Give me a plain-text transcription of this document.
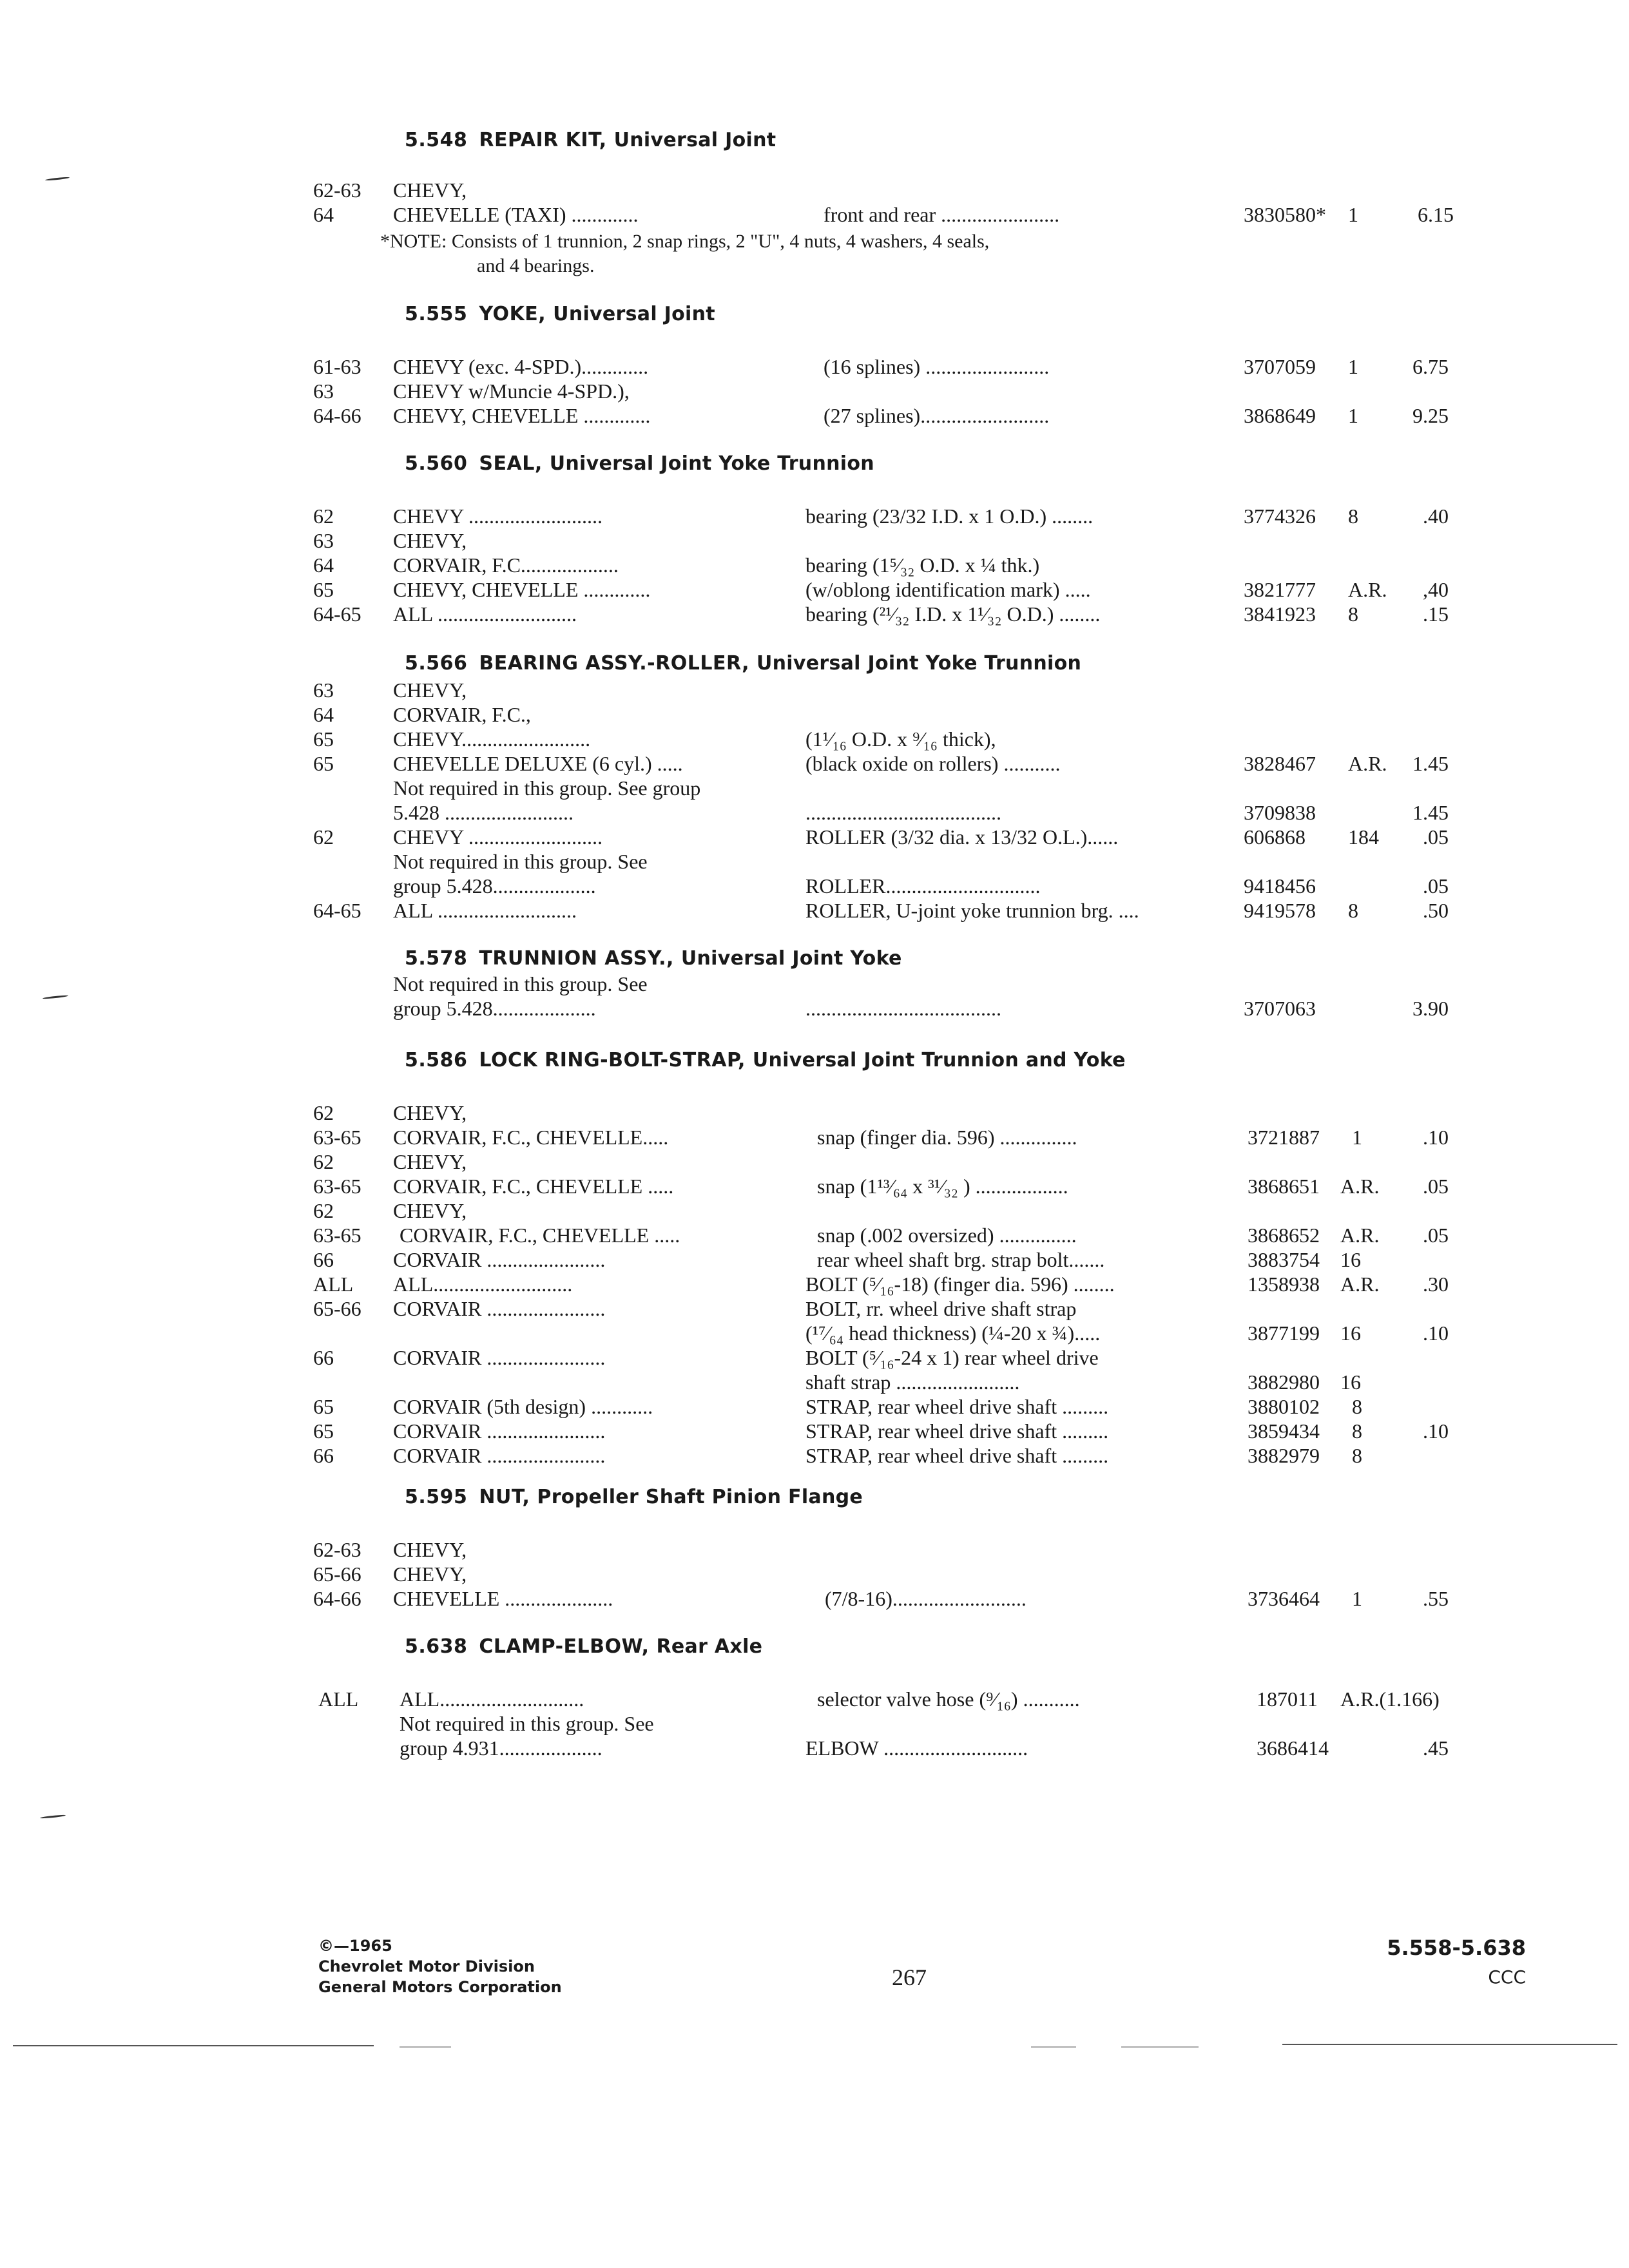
5.548 REPAIR KIT, Universal Joint
62-63 CHEVY,
64	CHEVELLE (TAXI) .............	front and rear .......................	3830580* 1	6.15
*NOTE: Consists of 1 trunnion, 2 snap rings, 2 "U", 4 nuts, 4 washers, 4 seals,
and 4 bearings.
5.555 YOKE, Universal Joint
61-63 CHEVY (exc. 4-SPD.).............	(16 splines) ........................	3707059 1	6.75
63	CHEVY w/Muncie 4-SPD.),
64-66 CHEVY, CHEVELLE .............	(27 splines).........................	3868649 1	9.25
5.560 SEAL, Universal Joint Yoke Trunnion
62	CHEVY ..........................	bearing (23/32 I.D. x 1 O.D.) ........	3774326 8	.40
63	CHEVY,
64	CORVAIR, F.C...................	bearing (1⁵⁄₃₂ O.D. x ¼ thk.)
65	CHEVY, CHEVELLE .............	(w/oblong identification mark) .....	3821777 A.R. ,40
64-65 ALL ...........................	bearing (²¹⁄₃₂ I.D. x 1¹⁄₃₂ O.D.) ........	3841923 8	.15
5.566 BEARING ASSY.-ROLLER, Universal Joint Yoke Trunnion
63	CHEVY,
64	CORVAIR, F.C.,
65	CHEVY.........................	(1¹⁄₁₆ O.D. x ⁹⁄₁₆ thick),
65	CHEVELLE DELUXE (6 cyl.) .....	(black oxide on rollers) ...........	3828467 A.R. 1.45
Not required in this group. See group
5.428 .........................	......................................	3709838	1.45
62	CHEVY ..........................	ROLLER (3/32 dia. x 13/32 O.L.)......	606868 184 .05
Not required in this group. See
group 5.428....................	ROLLER..............................	9418456	.05
64-65 ALL ...........................	ROLLER, U-joint yoke trunnion brg. ....	9419578 8	.50
5.578 TRUNNION ASSY., Universal Joint Yoke
Not required in this group. See
group 5.428....................	......................................	3707063	3.90
5.586 LOCK RING-BOLT-STRAP, Universal Joint Trunnion and Yoke
62	CHEVY,
63-65 CORVAIR, F.C., CHEVELLE.....	snap (finger dia. 596) ...............	3721887 1	.10
62	CHEVY,
63-65 CORVAIR, F.C., CHEVELLE .....	snap (1¹³⁄₆₄ x ³¹⁄₃₂ ) ..................	3868651 A.R. .05
62	CHEVY,
63-65 CORVAIR, F.C., CHEVELLE .....	snap (.002 oversized) ...............	3868652 A.R. .05
66	CORVAIR .......................	rear wheel shaft brg. strap bolt.......	3883754 16
ALL ALL...........................	BOLT (⁵⁄₁₆-18) (finger dia. 596) ........	1358938 A.R. .30
65-66 CORVAIR .......................	BOLT, rr. wheel drive shaft strap
(¹⁷⁄₆₄ head thickness) (¼-20 x ¾).....	3877199 16	.10
66	CORVAIR .......................	BOLT (⁵⁄₁₆-24 x 1) rear wheel drive
shaft strap ........................	3882980 16
65	CORVAIR (5th design) ............	STRAP, rear wheel drive shaft .........	3880102 8
65	CORVAIR .......................	STRAP, rear wheel drive shaft .........	3859434 8	.10
66	CORVAIR .......................	STRAP, rear wheel drive shaft .........	3882979 8
5.595 NUT, Propeller Shaft Pinion Flange
62-63 CHEVY,
65-66 CHEVY,
64-66 CHEVELLE .....................	(7/8-16)..........................	3736464 1	.55
5.638 CLAMP-ELBOW, Rear Axle
ALL ALL............................	selector valve hose (⁹⁄₁₆) ...........	187011 A.R.(1.166)
Not required in this group. See
group 4.931....................	ELBOW ............................	3686414	.45
©—1965
Chevrolet Motor Division
General Motors Corporation	267
5.558-5.638
CCC
